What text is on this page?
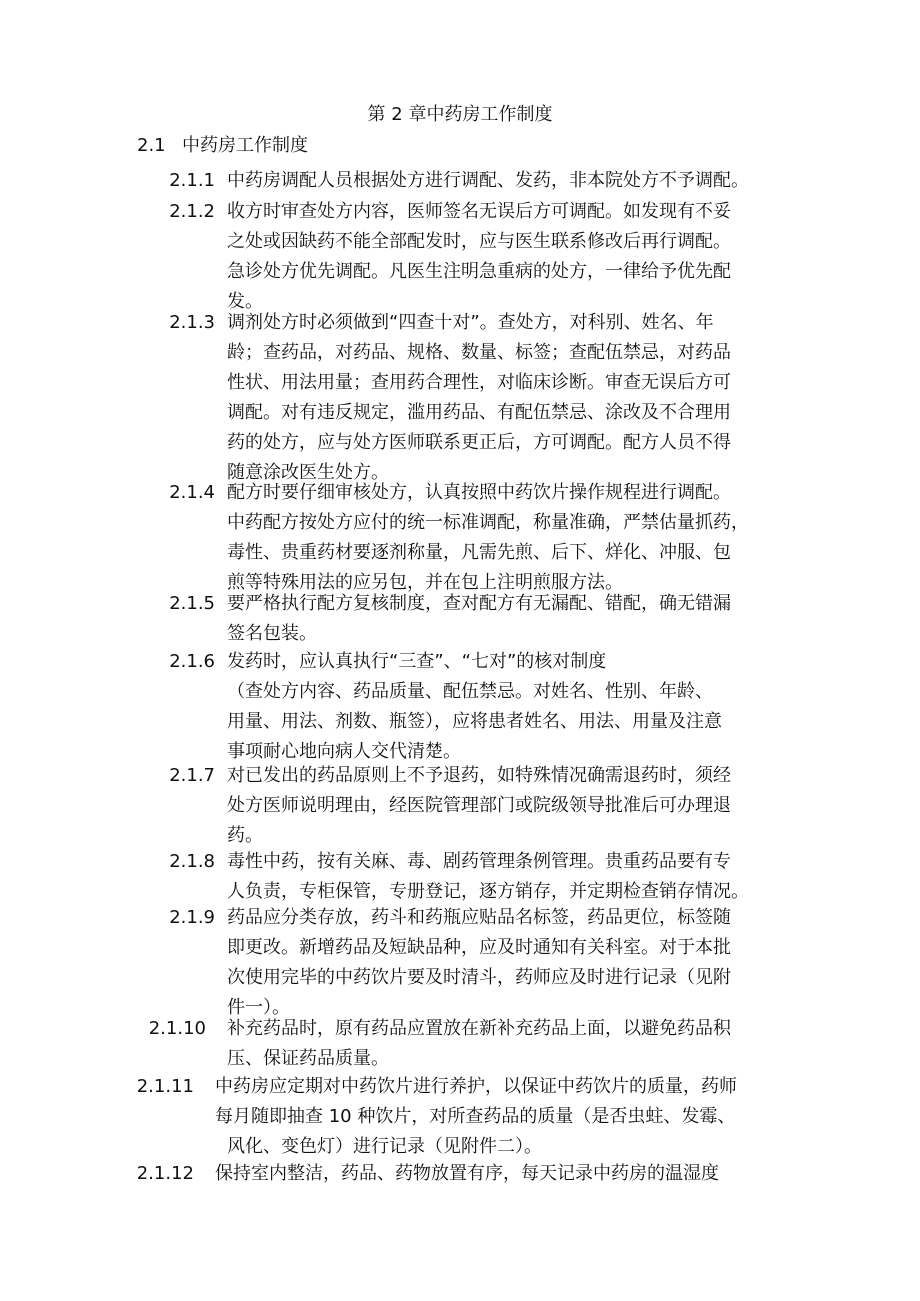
第 2 章中药房工作制度
2.1 中药房工作制度
2.1.1 中药房调配人员根据处方进行调配、发药，非本院处方不予调配。
2.1.2 收方时审查处方内容，医师签名无误后方可调配。如发现有不妥
之处或因缺药不能全部配发时，应与医生联系修改后再行调配。
急诊处方优先调配。凡医生注明急重病的处方，一律给予优先配
发。
2.1.3 调剂处方时必须做到“四查十对”。查处方，对科别、姓名、年
龄；查药品，对药品、规格、数量、标签；查配伍禁忌，对药品
性状、用法用量；查用药合理性，对临床诊断。审查无误后方可
调配。对有违反规定，滥用药品、有配伍禁忌、涂改及不合理用
药的处方，应与处方医师联系更正后，方可调配。配方人员不得
随意涂改医生处方。
2.1.4 配方时要仔细审核处方，认真按照中药饮片操作规程进行调配。
中药配方按处方应付的统一标准调配，称量准确，严禁估量抓药，
毒性、贵重药材要逐剂称量，凡需先煎、后下、烊化、冲服、包
煎等特殊用法的应另包，并在包上注明煎服方法。
2.1.5 要严格执行配方复核制度，查对配方有无漏配、错配，确无错漏
签名包装。
2.1.6 发药时，应认真执行“三查”、“七对”的核对制度
（查处方内容、药品质量、配伍禁忌。对姓名、性别、年龄、
用量、用法、剂数、瓶签），应将患者姓名、用法、用量及注意
事项耐心地向病人交代清楚。
2.1.7 对已发出的药品原则上不予退药，如特殊情况确需退药时，须经
处方医师说明理由，经医院管理部门或院级领导批准后可办理退
药。
2.1.8 毒性中药，按有关麻、毒、剧药管理条例管理。贵重药品要有专
人负责，专柜保管，专册登记，逐方销存，并定期检查销存情况。
2.1.9 药品应分类存放，药斗和药瓶应贴品名标签，药品更位，标签随
即更改。新增药品及短缺品种，应及时通知有关科室。对于本批
次使用完毕的中药饮片要及时清斗，药师应及时进行记录（见附
件一）。
2.1.10 补充药品时，原有药品应置放在新补充药品上面，以避免药品积
压、保证药品质量。
2.1.11 中药房应定期对中药饮片进行养护，以保证中药饮片的质量，药师
每月随即抽查 10 种饮片，对所查药品的质量（是否虫蛀、发霉、
风化、变色灯）进行记录（见附件二）。
2.1.12 保持室内整洁，药品、药物放置有序，每天记录中药房的温湿度
